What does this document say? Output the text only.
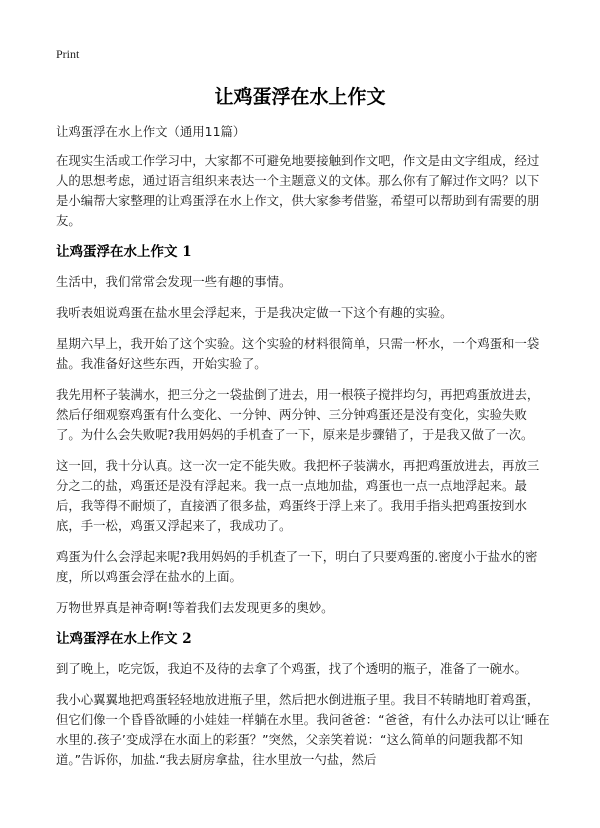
Print
让鸡蛋浮在水上作文

让鸡蛋浮在水上作文（通用11篇）

在现实生活或工作学习中，大家都不可避免地要接触到作文吧，作文是由文字组成，经过人的思想考虑，通过语言组织来表达一个主题意义的文体。那么你有了解过作文吗？以下是小编帮大家整理的让鸡蛋浮在水上作文，供大家参考借鉴，希望可以帮助到有需要的朋友。

让鸡蛋浮在水上作文 1

生活中，我们常常会发现一些有趣的事情。

我听表姐说鸡蛋在盐水里会浮起来，于是我决定做一下这个有趣的实验。

星期六早上，我开始了这个实验。这个实验的材料很简单，只需一杯水，一个鸡蛋和一袋盐。我准备好这些东西，开始实验了。

我先用杯子装满水，把三分之一袋盐倒了进去，用一根筷子搅拌均匀，再把鸡蛋放进去，然后仔细观察鸡蛋有什么变化、一分钟、两分钟、三分钟鸡蛋还是没有变化，实验失败了。为什么会失败呢?我用妈妈的手机查了一下，原来是步骤错了，于是我又做了一次。

这一回，我十分认真。这一次一定不能失败。我把杯子装满水，再把鸡蛋放进去，再放三分之二的盐，鸡蛋还是没有浮起来。我一点一点地加盐，鸡蛋也一点一点地浮起来。最后，我等得不耐烦了，直接洒了很多盐，鸡蛋终于浮上来了。我用手指头把鸡蛋按到水底，手一松，鸡蛋又浮起来了，我成功了。

鸡蛋为什么会浮起来呢?我用妈妈的手机查了一下，明白了只要鸡蛋的.密度小于盐水的密度，所以鸡蛋会浮在盐水的上面。

万物世界真是神奇啊!等着我们去发现更多的奥妙。

让鸡蛋浮在水上作文 2

到了晚上，吃完饭，我迫不及待的去拿了个鸡蛋，找了个透明的瓶子，准备了一碗水。

我小心翼翼地把鸡蛋轻轻地放进瓶子里，然后把水倒进瓶子里。我目不转睛地盯着鸡蛋，但它们像一个昏昏欲睡的小娃娃一样躺在水里。我问爸爸：“爸爸，有什么办法可以让‘睡在水里的.孩子’变成浮在水面上的彩蛋？”突然，父亲笑着说：“这么简单的问题我都不知道。”告诉你，加盐.“我去厨房拿盐，往水里放一勺盐，然后
